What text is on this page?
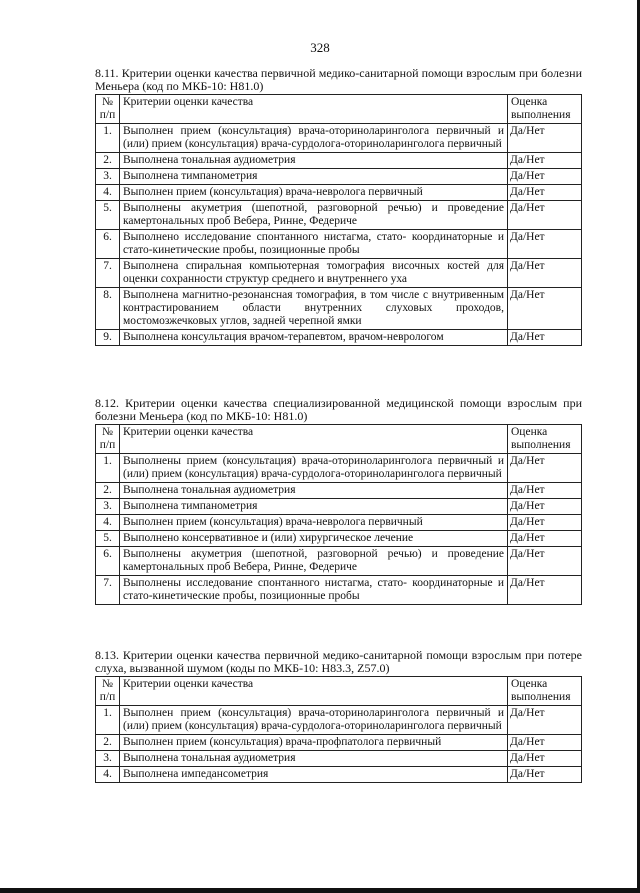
328

8.11. Критерии оценки качества первичной медико-санитарной помощи взрослым при болезни Меньера (код по МКБ-10: H81.0)

№ п/п	Критерии оценки качества	Оценка выполнения
1.	Выполнен прием (консультация) врача-оториноларинголога первичный и (или) прием (консультация) врача-сурдолога-оториноларинголога первичный	Да/Нет
2.	Выполнена тональная аудиометрия	Да/Нет
3.	Выполнена тимпанометрия	Да/Нет
4.	Выполнен прием (консультация) врача-невролога первичный	Да/Нет
5.	Выполнены акуметрия (шепотной, разговорной речью) и проведение камертональных проб Вебера, Ринне, Федериче	Да/Нет
6.	Выполнено исследование спонтанного нистагма, стато- координаторные и стато-кинетические пробы, позиционные пробы	Да/Нет
7.	Выполнена спиральная компьютерная томография височных костей для оценки сохранности структур среднего и внутреннего уха	Да/Нет
8.	Выполнена магнитно-резонансная томография, в том числе с внутривенным контрастированием области внутренних слуховых проходов, мостомозжечковых углов, задней черепной ямки	Да/Нет
9.	Выполнена консультация врачом-терапевтом, врачом-неврологом	Да/Нет

8.12. Критерии оценки качества специализированной медицинской помощи взрослым при болезни Меньера (код по МКБ-10: H81.0)

№ п/п	Критерии оценки качества	Оценка выполнения
1.	Выполнены прием (консультация) врача-оториноларинголога первичный и (или) прием (консультация) врача-сурдолога-оториноларинголога первичный	Да/Нет
2.	Выполнена тональная аудиометрия	Да/Нет
3.	Выполнена тимпанометрия	Да/Нет
4.	Выполнен прием (консультация) врача-невролога первичный	Да/Нет
5.	Выполнено консервативное и (или) хирургическое лечение	Да/Нет
6.	Выполнены акуметрия (шепотной, разговорной речью) и проведение камертональных проб Вебера, Ринне, Федериче	Да/Нет
7.	Выполнены исследование спонтанного нистагма, стато- координаторные и стато-кинетические пробы, позиционные пробы	Да/Нет

8.13. Критерии оценки качества первичной медико-санитарной помощи взрослым при потере слуха, вызванной шумом (коды по МКБ-10: H83.3, Z57.0)

№ п/п	Критерии оценки качества	Оценка выполнения
1.	Выполнен прием (консультация) врача-оториноларинголога первичный и (или) прием (консультация) врача-сурдолога-оториноларинголога первичный	Да/Нет
2.	Выполнен прием (консультация) врача-профпатолога первичный	Да/Нет
3.	Выполнена тональная аудиометрия	Да/Нет
4.	Выполнена импедансометрия	Да/Нет
